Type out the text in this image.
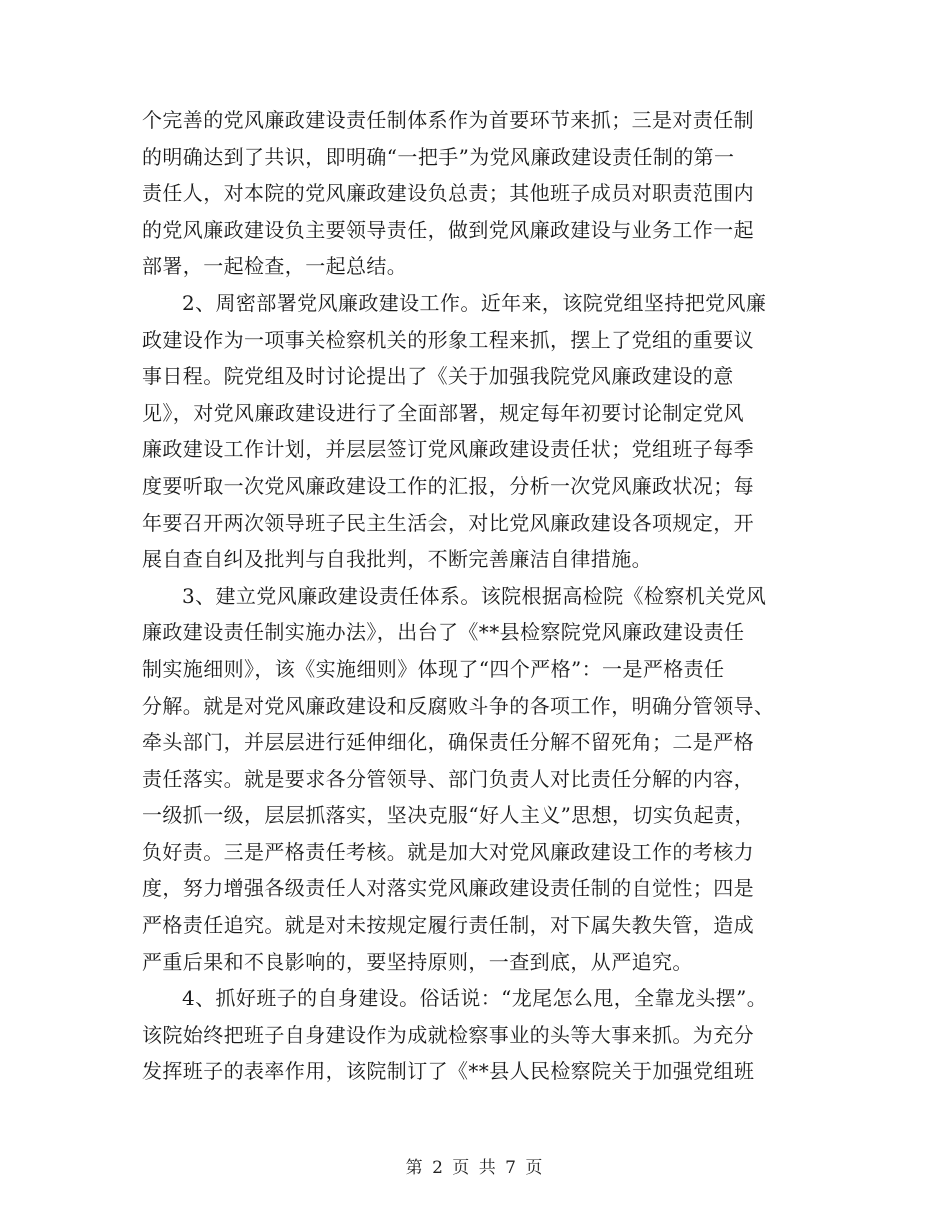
个完善的党风廉政建设责任制体系作为首要环节来抓；三是对责任制
的明确达到了共识，即明确“一把手”为党风廉政建设责任制的第一
责任人，对本院的党风廉政建设负总责；其他班子成员对职责范围内
的党风廉政建设负主要领导责任，做到党风廉政建设与业务工作一起
部署，一起检查，一起总结。
2、周密部署党风廉政建设工作。近年来，该院党组坚持把党风廉
政建设作为一项事关检察机关的形象工程来抓，摆上了党组的重要议
事日程。院党组及时讨论提出了《关于加强我院党风廉政建设的意
见》，对党风廉政建设进行了全面部署，规定每年初要讨论制定党风
廉政建设工作计划，并层层签订党风廉政建设责任状；党组班子每季
度要听取一次党风廉政建设工作的汇报，分析一次党风廉政状况；每
年要召开两次领导班子民主生活会，对比党风廉政建设各项规定，开
展自查自纠及批判与自我批判，不断完善廉洁自律措施。
3、建立党风廉政建设责任体系。该院根据高检院《检察机关党风
廉政建设责任制实施办法》，出台了《**县检察院党风廉政建设责任
制实施细则》，该《实施细则》体现了“四个严格”：一是严格责任
分解。就是对党风廉政建设和反腐败斗争的各项工作，明确分管领导、
牵头部门，并层层进行延伸细化，确保责任分解不留死角；二是严格
责任落实。就是要求各分管领导、部门负责人对比责任分解的内容，
一级抓一级，层层抓落实，坚决克服“好人主义”思想，切实负起责，
负好责。三是严格责任考核。就是加大对党风廉政建设工作的考核力
度，努力增强各级责任人对落实党风廉政建设责任制的自觉性；四是
严格责任追究。就是对未按规定履行责任制，对下属失教失管，造成
严重后果和不良影响的，要坚持原则，一查到底，从严追究。
4、抓好班子的自身建设。俗话说：“龙尾怎么甩，全靠龙头摆”。
该院始终把班子自身建设作为成就检察事业的头等大事来抓。为充分
发挥班子的表率作用，该院制订了《**县人民检察院关于加强党组班
第 2 页 共 7 页
